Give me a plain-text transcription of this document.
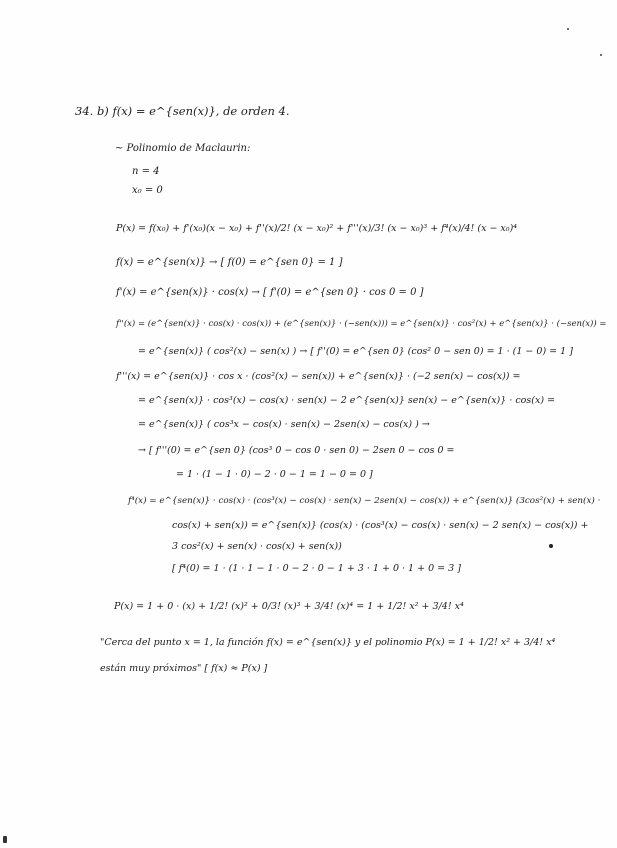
34. b) f(x) = e^{sen(x)}, de orden 4.
~ Polinomio de Maclaurin:
n = 4
x₀ = 0
P(x) = f(x₀) + f'(x₀)(x − x₀) + f''(x)/2! (x − x₀)² + f'''(x)/3! (x − x₀)³ + f⁴(x)/4! (x − x₀)⁴
f(x) = e^{sen(x)} → [ f(0) = e^{sen 0} = 1 ]
f'(x) = e^{sen(x)} · cos(x) → [ f'(0) = e^{sen 0} · cos 0 = 0 ]
f''(x) = (e^{sen(x)} · cos(x) · cos(x)) + (e^{sen(x)} · (−sen(x))) = e^{sen(x)} · cos²(x) + e^{sen(x)} · (−sen(x)) =
= e^{sen(x)} ( cos²(x) − sen(x) ) → [ f''(0) = e^{sen 0} (cos² 0 − sen 0) = 1 · (1 − 0) = 1 ]
f'''(x) = e^{sen(x)} · cos x · (cos²(x) − sen(x)) + e^{sen(x)} · (−2 sen(x) − cos(x)) =
= e^{sen(x)} · cos³(x) − cos(x) · sen(x) − 2 e^{sen(x)} sen(x) − e^{sen(x)} · cos(x) =
= e^{sen(x)} ( cos³x − cos(x) · sen(x) − 2sen(x) − cos(x) ) →
→ [ f'''(0) = e^{sen 0} (cos³ 0 − cos 0 · sen 0) − 2sen 0 − cos 0 =
= 1 · (1 − 1 · 0) − 2 · 0 − 1 = 1 − 0 = 0 ]
f⁴(x) = e^{sen(x)} · cos(x) · (cos³(x) − cos(x) · sen(x) − 2sen(x) − cos(x)) + e^{sen(x)} (3cos²(x) + sen(x) ·
cos(x) + sen(x)) = e^{sen(x)} (cos(x) · (cos³(x) − cos(x) · sen(x) − 2 sen(x) − cos(x)) +
3 cos²(x) + sen(x) · cos(x) + sen(x))
[ f⁴(0) = 1 · (1 · 1 − 1 · 0 − 2 · 0 − 1 + 3 · 1 + 0 · 1 + 0 = 3 ]
P(x) = 1 + 0 · (x) + 1/2! (x)² + 0/3! (x)³ + 3/4! (x)⁴ = 1 + 1/2! x² + 3/4! x⁴
"Cerca del punto x = 1, la función f(x) = e^{sen(x)} y el polinomio P(x) = 1 + 1/2! x² + 3/4! x⁴
están muy próximos" [ f(x) ≈ P(x) ]
